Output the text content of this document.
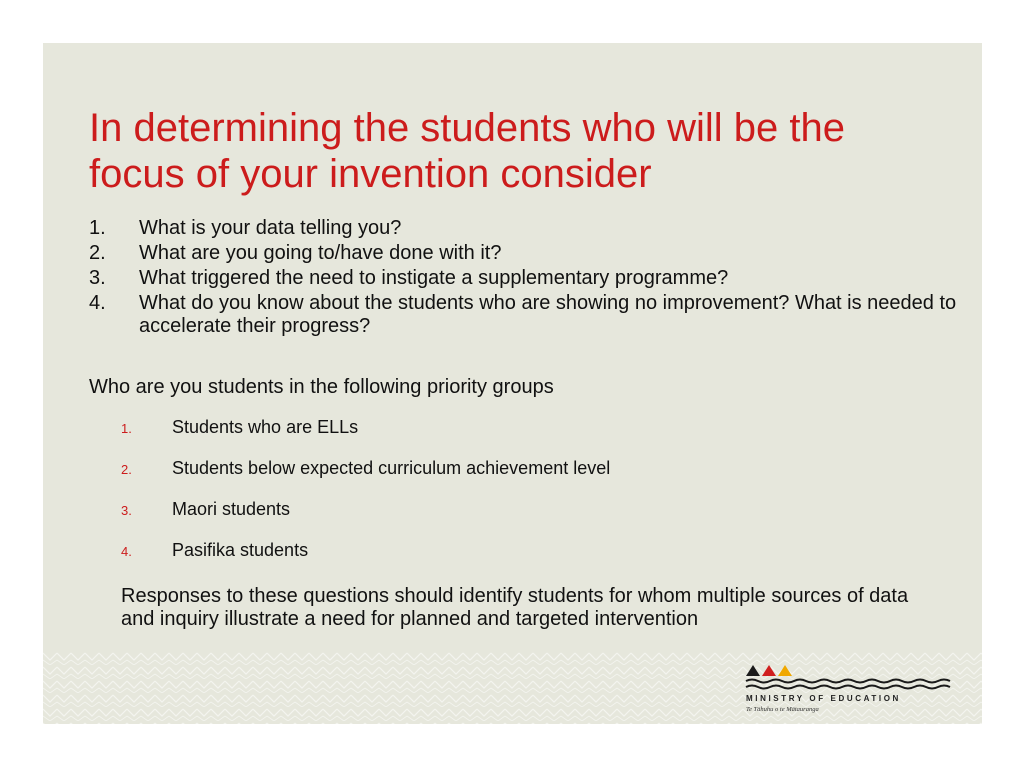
In determining the students who will be the focus of your invention consider
1.	What is your data telling you?
2.	What are you going to/have done with it?
3.	What triggered the need to instigate a supplementary programme?
4.	What do you know about the students who are showing no improvement? What is needed to accelerate their progress?

Who are you students in the following priority groups

1.	Students who are ELLs
2.	Students below expected curriculum achievement level
3.	Maori students
4.	Pasifika students

Responses to these questions should identify students for whom multiple sources of data and inquiry illustrate a need for planned and targeted intervention

MINISTRY OF EDUCATION
Te Tāhuhu o te Mātauranga
